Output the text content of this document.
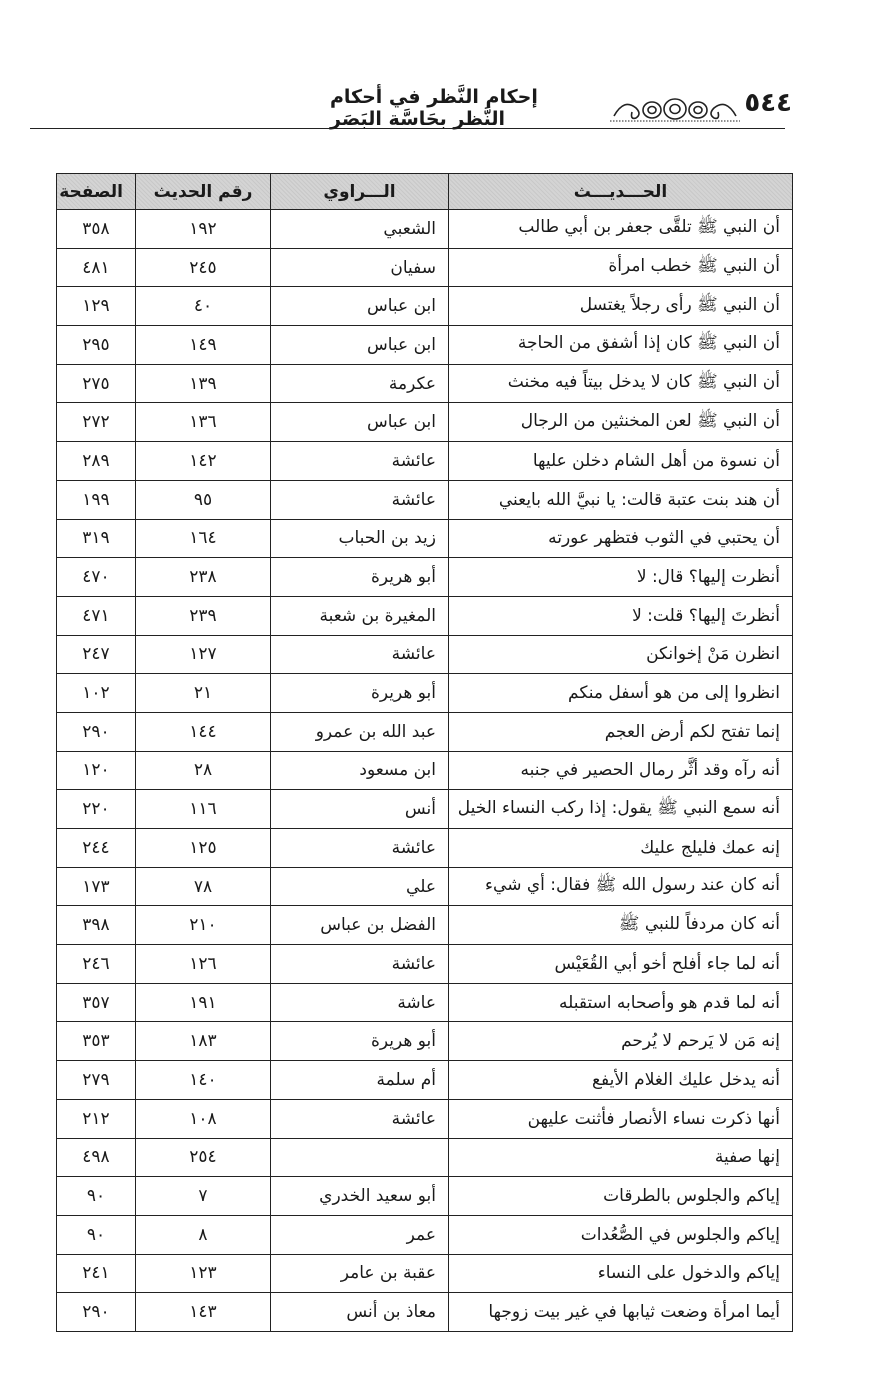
٥٤٤
إحكام النَّظر في أحكام النَّظر بحَاسَّة البَصَر
الحـــديـــث	الـــراوي	رقم الحديث	الصفحة
أن النبي ﷺ تلقَّى جعفر بن أبي طالب	الشعبي	١٩٢	٣٥٨
أن النبي ﷺ خطب امرأة	سفيان	٢٤٥	٤٨١
أن النبي ﷺ رأى رجلاً يغتسل	ابن عباس	٤٠	١٢٩
أن النبي ﷺ كان إذا أشفق من الحاجة	ابن عباس	١٤٩	٢٩٥
أن النبي ﷺ كان لا يدخل بيتاً فيه مخنث	عكرمة	١٣٩	٢٧٥
أن النبي ﷺ لعن المخنثين من الرجال	ابن عباس	١٣٦	٢٧٢
أن نسوة من أهل الشام دخلن عليها	عائشة	١٤٢	٢٨٩
أن هند بنت عتبة قالت: يا نبيَّ الله بايعني	عائشة	٩٥	١٩٩
أن يحتبي في الثوب فتظهر عورته	زيد بن الحباب	١٦٤	٣١٩
أنظرت إليها؟ قال: لا	أبو هريرة	٢٣٨	٤٧٠
أنظرتَ إليها؟ قلت: لا	المغيرة بن شعبة	٢٣٩	٤٧١
انظرن مَنْ إخوانكن	عائشة	١٢٧	٢٤٧
انظروا إلى من هو أسفل منكم	أبو هريرة	٢١	١٠٢
إنما تفتح لكم أرض العجم	عبد الله بن عمرو	١٤٤	٢٩٠
أنه رآه وقد أثَّر رمال الحصير في جنبه	ابن مسعود	٢٨	١٢٠
أنه سمع النبي ﷺ يقول: إذا ركب النساء الخيل	أنس	١١٦	٢٢٠
إنه عمك فليلج عليك	عائشة	١٢٥	٢٤٤
أنه كان عند رسول الله ﷺ فقال: أي شيء	علي	٧٨	١٧٣
أنه كان مردفاً للنبي ﷺ	الفضل بن عباس	٢١٠	٣٩٨
أنه لما جاء أفلح أخو أبي القُعَيْس	عائشة	١٢٦	٢٤٦
أنه لما قدم هو وأصحابه استقبله	عاشة	١٩١	٣٥٧
إنه مَن لا يَرحم لا يُرحم	أبو هريرة	١٨٣	٣٥٣
أنه يدخل عليك الغلام الأيفع	أم سلمة	١٤٠	٢٧٩
أنها ذكرت نساء الأنصار فأثنت عليهن	عائشة	١٠٨	٢١٢
إنها صفية		٢٥٤	٤٩٨
إياكم والجلوس بالطرقات	أبو سعيد الخدري	٧	٩٠
إياكم والجلوس في الصُّعُدات	عمر	٨	٩٠
إياكم والدخول على النساء	عقبة بن عامر	١٢٣	٢٤١
أيما امرأة وضعت ثيابها في غير بيت زوجها	معاذ بن أنس	١٤٣	٢٩٠
